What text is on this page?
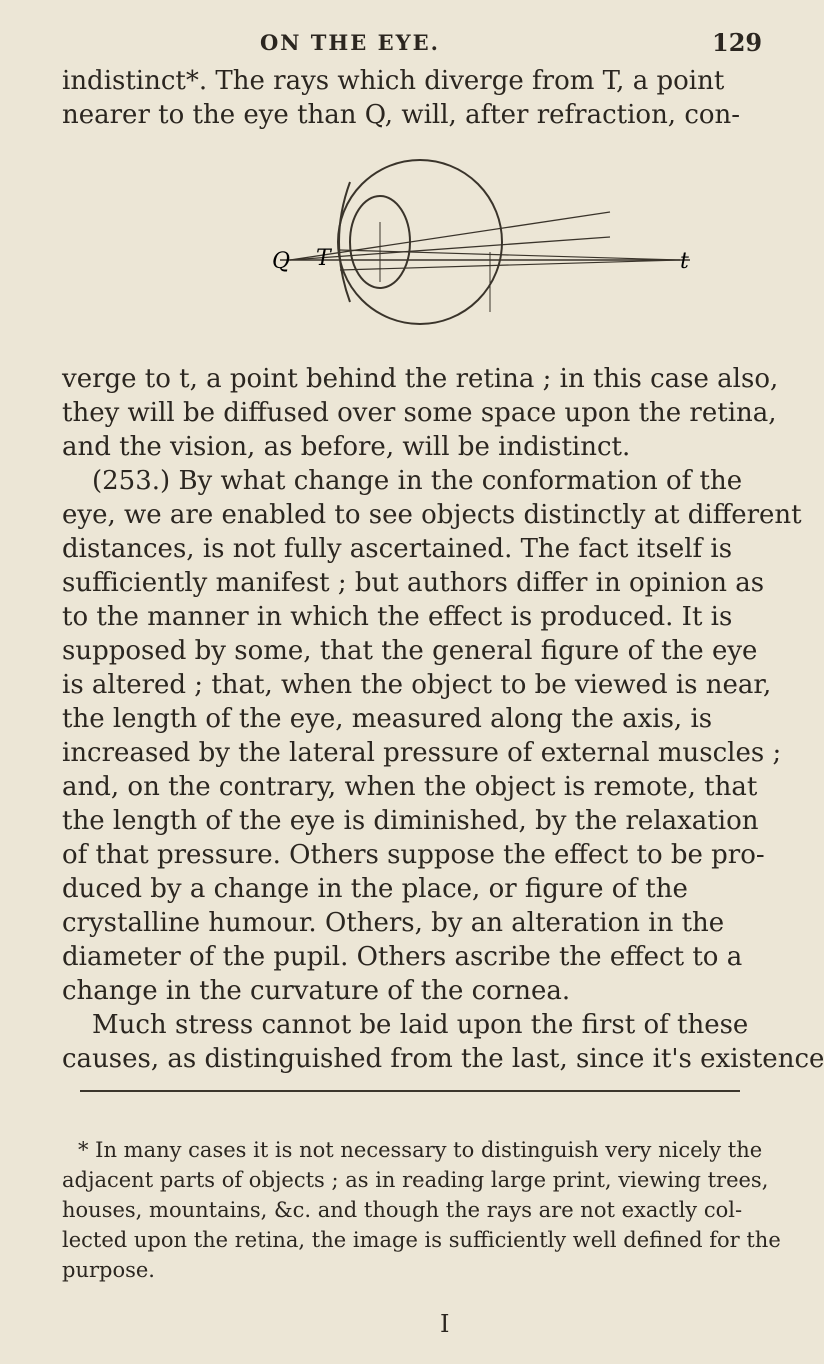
ON THE EYE.	129
indistinct*. The rays which diverge from T, a point
nearer to the eye than Q, will, after refraction, con-
Q T	t
verge to t, a point behind the retina ; in this case also,
they will be diffused over some space upon the retina,
and the vision, as before, will be indistinct.
(253.) By what change in the conformation of the
eye, we are enabled to see objects distinctly at different
distances, is not fully ascertained. The fact itself is
sufficiently manifest ; but authors differ in opinion as
to the manner in which the effect is produced. It is
supposed by some, that the general figure of the eye
is altered ; that, when the object to be viewed is near,
the length of the eye, measured along the axis, is
increased by the lateral pressure of external muscles ;
and, on the contrary, when the object is remote, that
the length of the eye is diminished, by the relaxation
of that pressure. Others suppose the effect to be pro-
duced by a change in the place, or figure of the
crystalline humour. Others, by an alteration in the
diameter of the pupil. Others ascribe the effect to a
change in the curvature of the cornea.
Much stress cannot be laid upon the first of these
causes, as distinguished from the last, since it's existence
* In many cases it is not necessary to distinguish very nicely the
adjacent parts of objects ; as in reading large print, viewing trees,
houses, mountains, &c. and though the rays are not exactly col-
lected upon the retina, the image is sufficiently well defined for the
purpose.
I
